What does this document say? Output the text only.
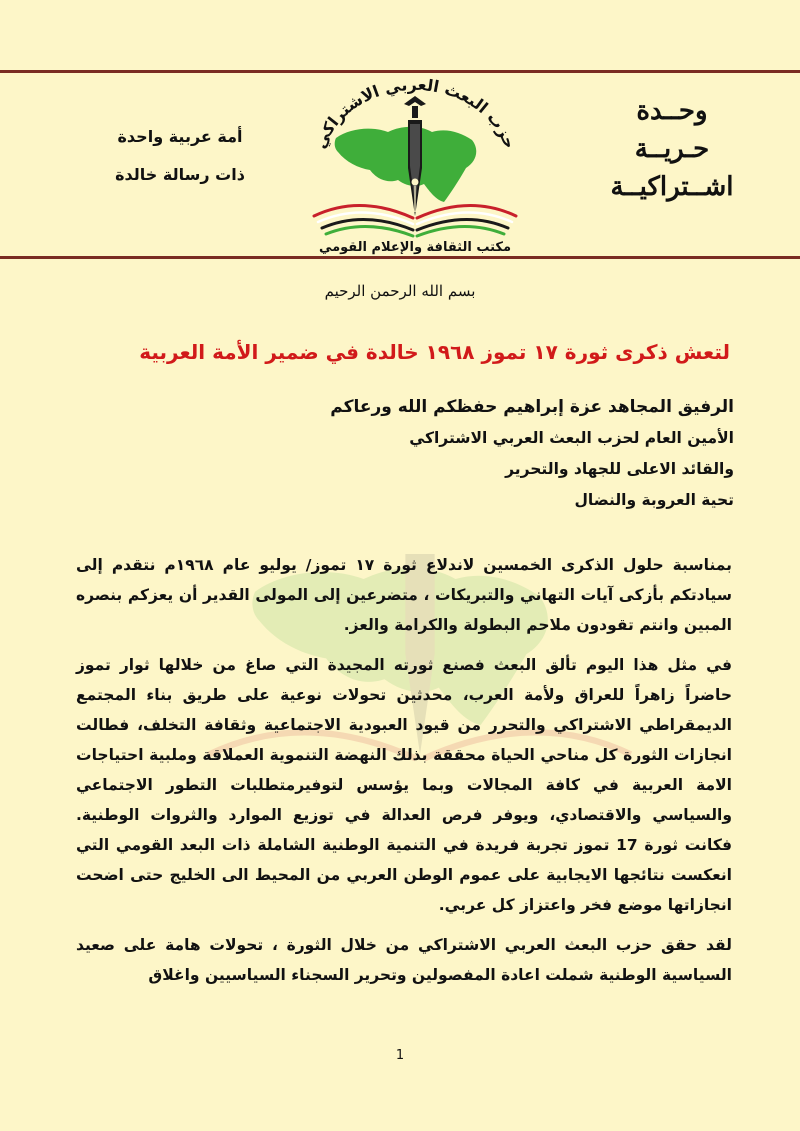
وحــدة
حـريــة
اشــتراكيــة
أمة عربية واحدة
ذات رسالة خالدة
حزب البعث العربي الاشتراكي
مكتب الثقافة والإعلام القومي
بسم الله الرحمن الرحيم
لتعش ذكرى ثورة ١٧ تموز ١٩٦٨ خالدة في ضمير الأمة العربية
الرفيق المجاهد عزة إبراهيم حفظكم الله ورعاكم
الأمين العام لحزب البعث العربي الاشتراكي
والقائد الاعلى للجهاد والتحرير
تحية العروبة والنضال

بمناسبة حلول الذكرى الخمسين لاندلاع ثورة ١٧ تموز/ يوليو عام ١٩٦٨م نتقدم إلى سيادتكم بأزكى آيات التهاني والتبريكات ، متضرعين إلى المولى القدير أن يعزكم بنصره المبين وانتم تقودون ملاحم البطولة والكرامة والعز.

في مثل هذا اليوم تألق البعث فصنع ثورته المجيدة التي صاغ من خلالها ثوار تموز حاضراً زاهراً للعراق ولأمة العرب، محدثين تحولات نوعية على طريق بناء المجتمع الديمقراطي الاشتراكي والتحرر من قيود العبودية الاجتماعية وثقافة التخلف، فطالت انجازات الثورة كل مناحي الحياة محققة بذلك النهضة التنموية العملاقة وملبية احتياجات الامة العربية في كافة المجالات وبما يؤسس لتوفيرمتطلبات التطور الاجتماعي والسياسي والاقتصادي، ويوفر فرص العدالة في توزيع الموارد والثروات الوطنية. فكانت ثورة 17 تموز تجربة فريدة في التنمية الوطنية الشاملة ذات البعد القومي التي انعكست نتائجها الايجابية على عموم الوطن العربي من المحيط الى الخليج حتى اضحت انجازاتها موضع فخر واعتزاز كل عربي.

لقد حقق حزب البعث العربي الاشتراكي من خلال الثورة ، تحولات هامة على صعيد السياسية الوطنية شملت اعادة المفصولين وتحرير السجناء السياسيين واغلاق

1
